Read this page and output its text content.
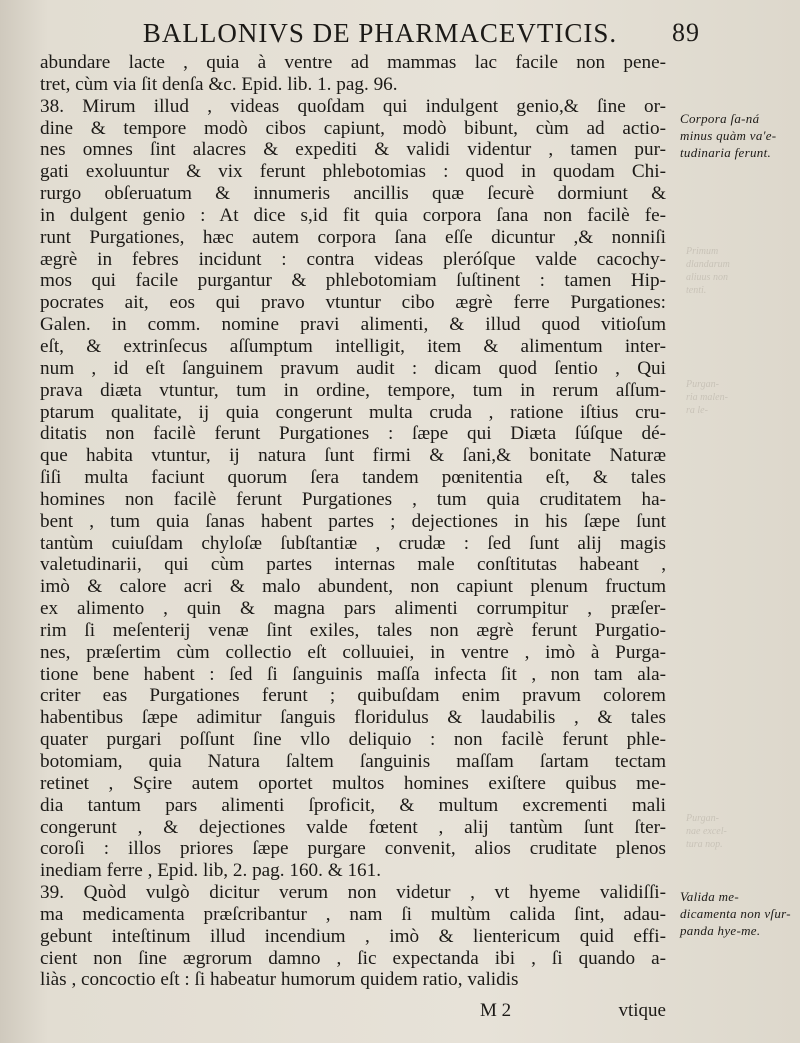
BALLONIVS DE PHARMACEVTICIS. 89
abundare lacte , quia à ventre ad mammas lac facile non pene-
tret, cùm via ſit denſa &c. Epid. lib. 1. pag. 96.
38. Mirum illud , videas quoſdam qui indulgent genio,& ſine or-
dine & tempore modò cibos capiunt, modò bibunt, cùm ad actio-
nes omnes ſint alacres & expediti & validi videntur , tamen pur-
gati exoluuntur & vix ferunt phlebotomias : quod in quodam Chi-
rurgo obſeruatum & innumeris ancillis quæ ſecurè dormiunt &
in dulgent genio : At dice s,id fit quia corpora ſana non facilè fe-
runt Purgationes, hæc autem corpora ſana eſſe dicuntur ,& nonniſi
ægrè in febres incidunt : contra videas pleróſque valde cacochy-
mos qui facile purgantur & phlebotomiam ſuſtinent : tamen Hip-
pocrates ait, eos qui pravo vtuntur cibo ægrè ferre Purgationes:
Galen. in comm. nomine pravi alimenti, & illud quod vitioſum
eſt, & extrinſecus aſſumptum intelligit, item & alimentum inter-
num , id eſt ſanguinem pravum audit : dicam quod ſentio , Qui
prava diæta vtuntur, tum in ordine, tempore, tum in rerum aſſum-
ptarum qualitate, ij quia congerunt multa cruda , ratione iſtius cru-
ditatis non facilè ferunt Purgationes : ſæpe qui Diæta ſúſque dé-
que habita vtuntur, ij natura ſunt firmi & ſani,& bonitate Naturæ
ſiſi multa faciunt quorum ſera tandem pœnitentia eſt, & tales
homines non facilè ferunt Purgationes , tum quia cruditatem ha-
bent , tum quia ſanas habent partes ; dejectiones in his ſæpe ſunt
tantùm cuiuſdam chyloſæ ſubſtantiæ , crudæ : ſed ſunt alij magis
valetudinarii, qui cùm partes internas male conſtitutas habeant ,
imò & calore acri & malo abundent, non capiunt plenum fructum
ex alimento , quin & magna pars alimenti corrumpitur , præſer-
rim ſi meſenterij venæ ſint exiles, tales non ægrè ferunt Purgatio-
nes, præſertim cùm collectio eſt colluuiei, in ventre , imò à Purga-
tione bene habent : ſed ſi ſanguinis maſſa infecta ſit , non tam ala-
criter eas Purgationes ferunt ; quibuſdam enim pravum colorem
habentibus ſæpe adimitur ſanguis floridulus & laudabilis , & tales
quater purgari poſſunt ſine vllo deliquio : non facilè ferunt phle-
botomiam, quia Natura ſaltem ſanguinis maſſam ſartam tectam
retinet , Sçire autem oportet multos homines exiſtere quibus me-
dia tantum pars alimenti ſproficit, & multum excrementi mali
congerunt , & dejectiones valde fœtent , alij tantùm ſunt ſter-
coroſi : illos priores ſæpe purgare convenit, alios cruditate plenos
inediam ferre , Epid. lib, 2. pag. 160. & 161.
39. Quòd vulgò dicitur verum non videtur , vt hyeme validiſſi-
ma medicamenta præſcribantur , nam ſi multùm calida ſint, adau-
gebunt inteſtinum illud incendium , imò & lientericum quid effi-
cient non ſine ægrorum damno , ſic expectanda ibi , ſi quando a-
liàs , concoctio eſt : ſi habeatur humorum quidem ratio, validis
Corpora ſa-ná minus quàm va'e-tudinaria ferunt.
Primum
dlandarum
aliuus non
tenti.
Purgan-
ria malen-
ra le-
Purgan-
nae excel-
tura nop.
Valida me-dicamenta non vſur-panda hye-me.
M 2	vtique
